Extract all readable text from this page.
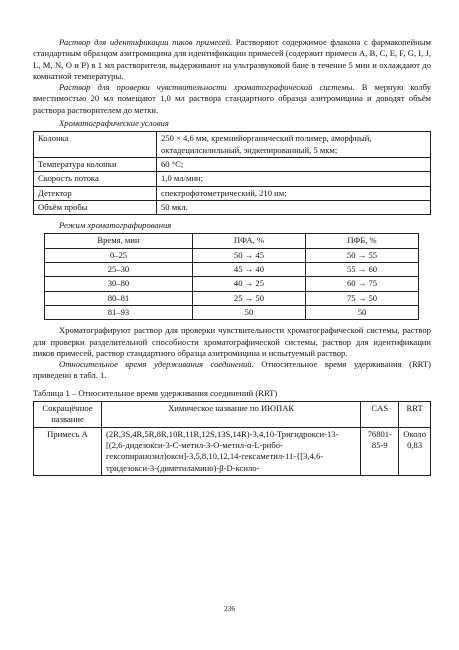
Раствор для идентификации пиков примесей. Растворяют содержимое флакона с фармакопейным стандартным образцом азитромицина для идентификации примесей (содержит примеси A, B, C, E, F, G, I, J, L, M, N, O и P) в 1 мл растворителя, выдерживают на ультразвуковой бане в течение 5 мин и охлаждают до комнатной температуры.

Раствор для проверки чувствительности хроматографической системы. В мерную колбу вместимостью 20 мл помещают 1,0 мл раствора стандартного образца азитромицина и доводят объём раствора растворителем до метки.

Хроматографические условия
Колонка	250 × 4,6 мм, кремнийорганический полимер, аморфный, октадецилсилильный, эндкепированный, 5 мкм;
Температура колонки	60 °C;
Скорость потока	1,0 мл/мин;
Детектор	спектрофотометрический, 210 нм;
Объём пробы	50 мкл.
Режим хроматографирования
Время, мин	ПФА, %	ПФБ, %
0–25	50 → 45	50 → 55
25–30	45 → 40	55 → 60
30–80	40 → 25	60 → 75
80–81	25 → 50	75 → 50
81–93	50	50

Хроматографируют раствор для проверки чувствительности хроматографической системы, раствор для проверки разделительной способности хроматографической системы, раствор для идентификации пиков примесей, раствор стандартного образца азитромицина и испытуемый раствор.

Относительное время удерживания соединений. Относительное время удерживания (RRT) приведено в табл. 1.

Таблица 1 – Относительное время удерживания соединений (RRT)
Сокращённое название	Химическое название по ИЮПАК	CAS	RRT
Примесь A	(2R,3S,4R,5R,8R,10R,11R,12S,13S,14R)-3,4,10-Тригидрокси-13-[(2,6-дидезокси-3-C-метил-3-O-метил-α-L-рибо-гексопиранозил)окси]-3,5,8,10,12,14-гексаметил-11-{[3,4,6-тридезокси-3-(диметиламино)-β-D-ксило-	76801-85-9	Около 0,83
236
